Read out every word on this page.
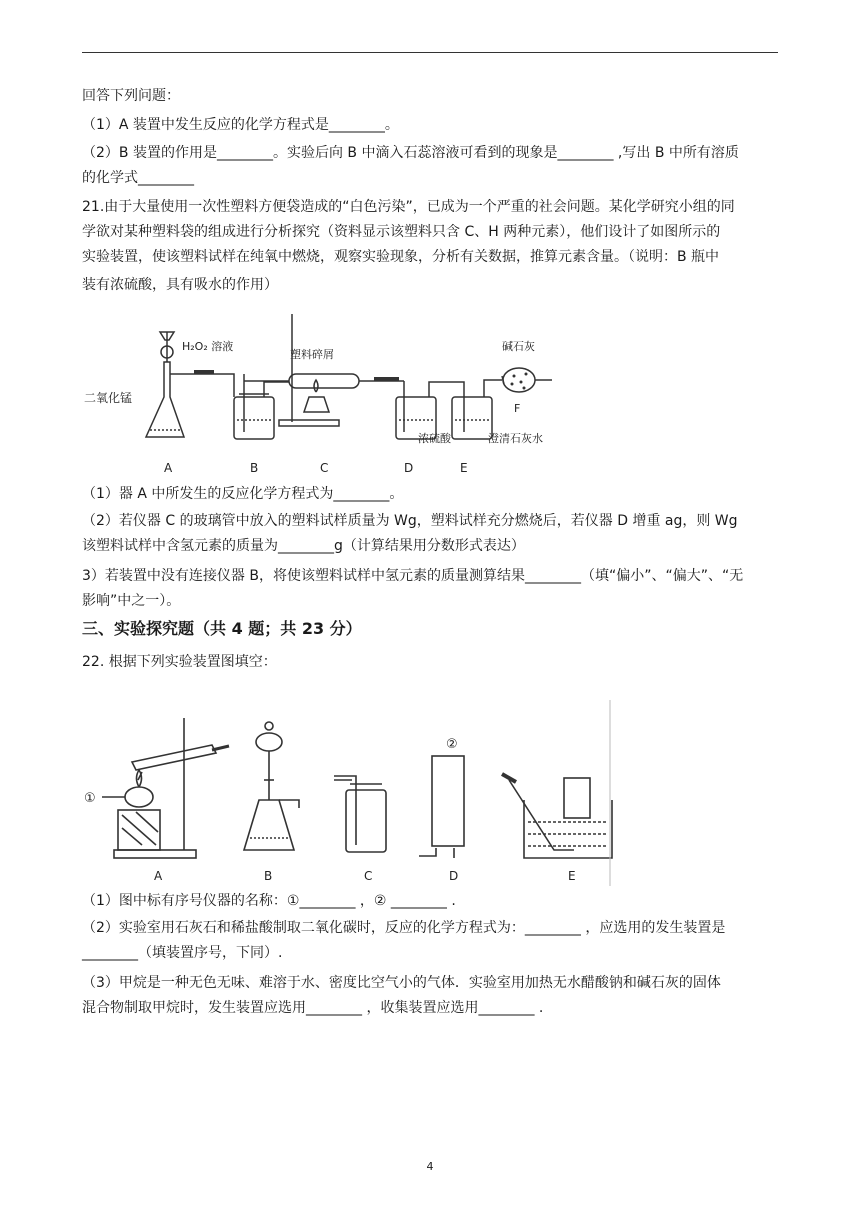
回答下列问题：
（1）A 装置中发生反应的化学方程式是________。
（2）B 装置的作用是________。实验后向 B 中滴入石蕊溶液可看到的现象是________ ,写出 B 中所有溶质
的化学式________
21.由于大量使用一次性塑料方便袋造成的“白色污染”，已成为一个严重的社会问题。某化学研究小组的同
学欲对某种塑料袋的组成进行分析探究（资料显示该塑料只含 C、H 两种元素），他们设计了如图所示的
实验装置，使该塑料试样在纯氧中燃烧，观察实验现象，分析有关数据，推算元素含量。（说明：B 瓶中
装有浓硫酸，具有吸水的作用）
H₂O₂ 溶液
二氧化锰
塑料碎屑
碱石灰
F
浓硫酸	澄清石灰水
A	B	C	D	E
（1）器 A 中所发生的反应化学方程式为________。
（2）若仪器 C 的玻璃管中放入的塑料试样质量为 Wg，塑料试样充分燃烧后，若仪器 D 增重 ag，则 Wg
该塑料试样中含氢元素的质量为________g（计算结果用分数形式表达）
3）若装置中没有连接仪器 B，将使该塑料试样中氢元素的质量测算结果________（填“偏小”、“偏大”、“无
影响”中之一）。
三、实验探究题（共 4 题；共 23 分）
22. 根据下列实验装置图填空：
①
②
A	B	C	D	E
（1）图中标有序号仪器的名称：①________ ，② ________ .
（2）实验室用石灰石和稀盐酸制取二氧化碳时，反应的化学方程式为：________ ，应选用的发生装置是
________（填装置序号，下同）.
（3）甲烷是一种无色无味、难溶于水、密度比空气小的气体．实验室用加热无水醋酸钠和碱石灰的固体
混合物制取甲烷时，发生装置应选用________ ，收集装置应选用________ .
4
